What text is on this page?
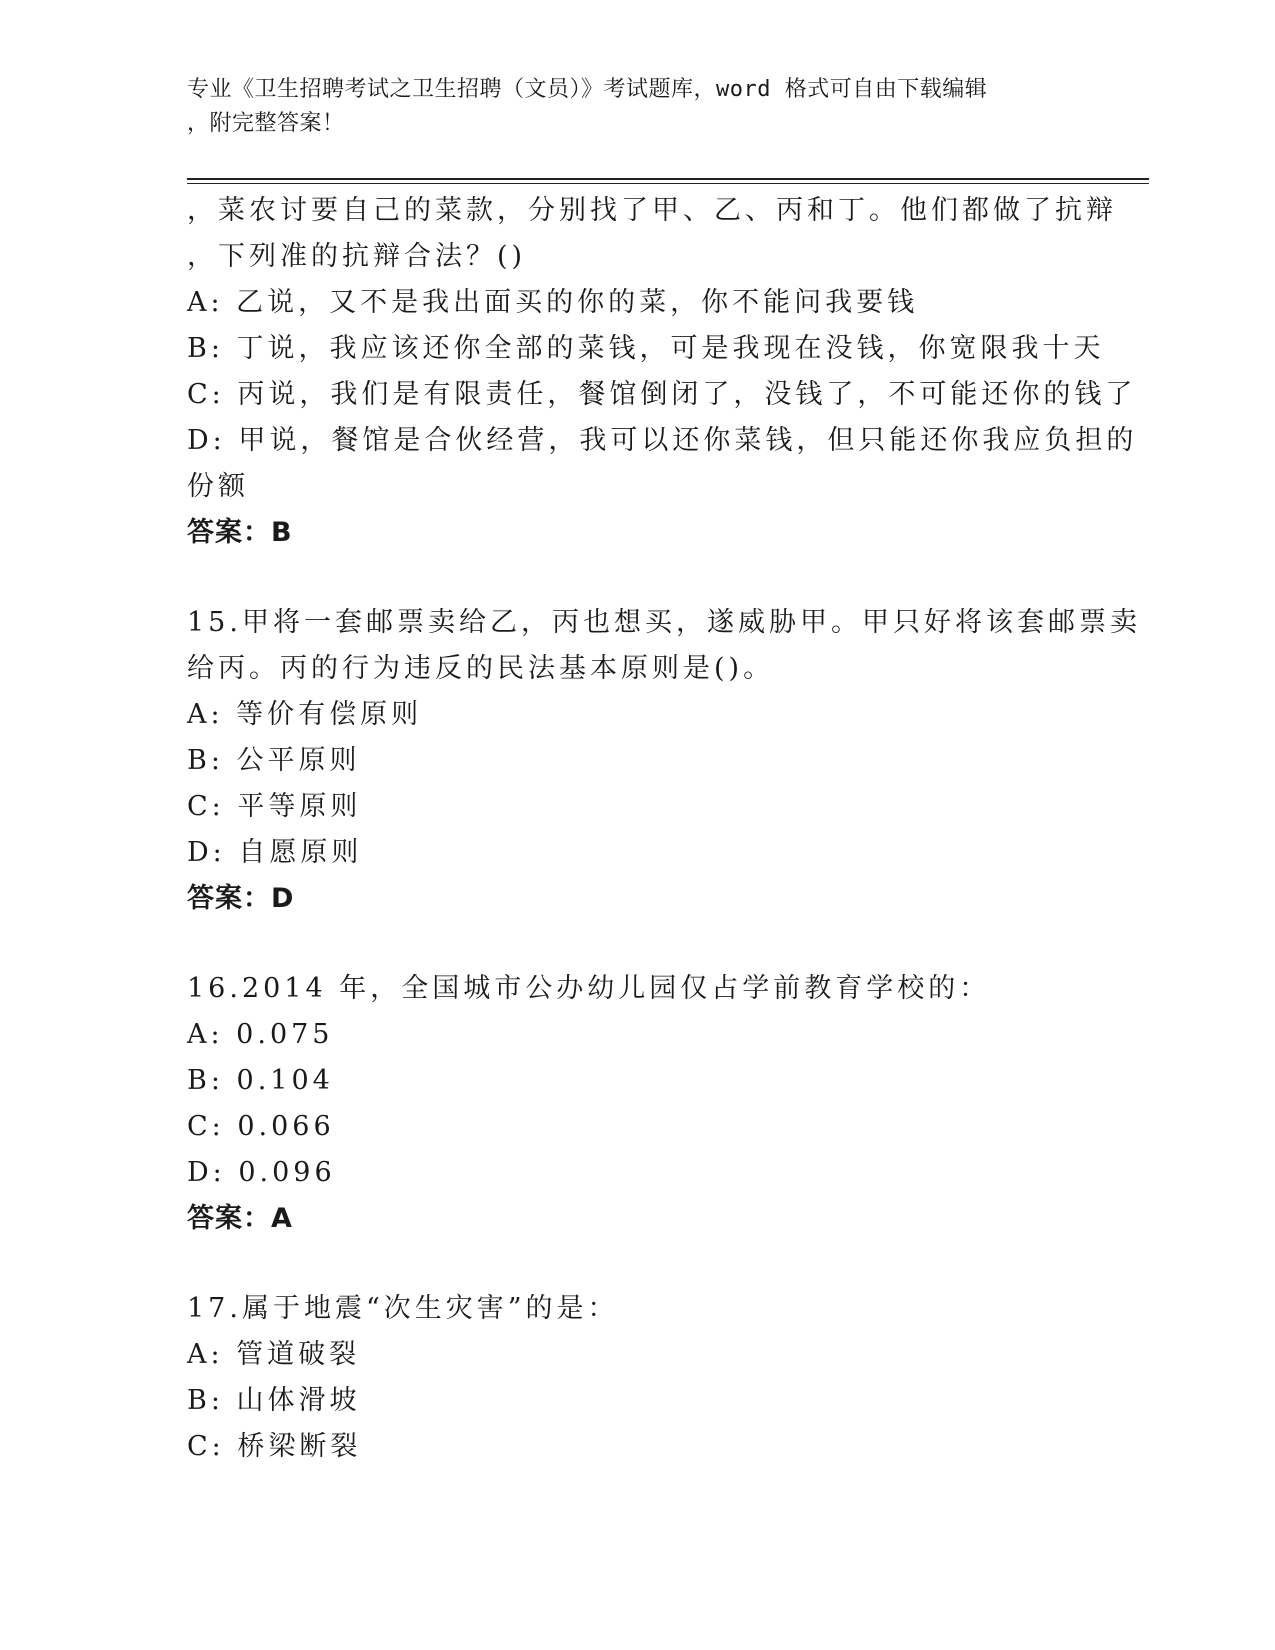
专业《卫生招聘考试之卫生招聘（文员）》考试题库，word 格式可自由下载编辑
，附完整答案！
，菜农讨要自己的菜款，分别找了甲、乙、丙和丁。他们都做了抗辩
，下列准的抗辩合法？()
A: 乙说，又不是我出面买的你的菜，你不能问我要钱
B: 丁说，我应该还你全部的菜钱，可是我现在没钱，你宽限我十天
C: 丙说，我们是有限责任，餐馆倒闭了，没钱了，不可能还你的钱了
D: 甲说，餐馆是合伙经营，我可以还你菜钱，但只能还你我应负担的
份额
答案：B
15.甲将一套邮票卖给乙，丙也想买，遂威胁甲。甲只好将该套邮票卖
给丙。丙的行为违反的民法基本原则是()。
A: 等价有偿原则
B: 公平原则
C: 平等原则
D: 自愿原则
答案：D
16.2014 年，全国城市公办幼儿园仅占学前教育学校的：
A: 0.075
B: 0.104
C: 0.066
D: 0.096
答案：A
17.属于地震“次生灾害”的是：
A: 管道破裂
B: 山体滑坡
C: 桥梁断裂
